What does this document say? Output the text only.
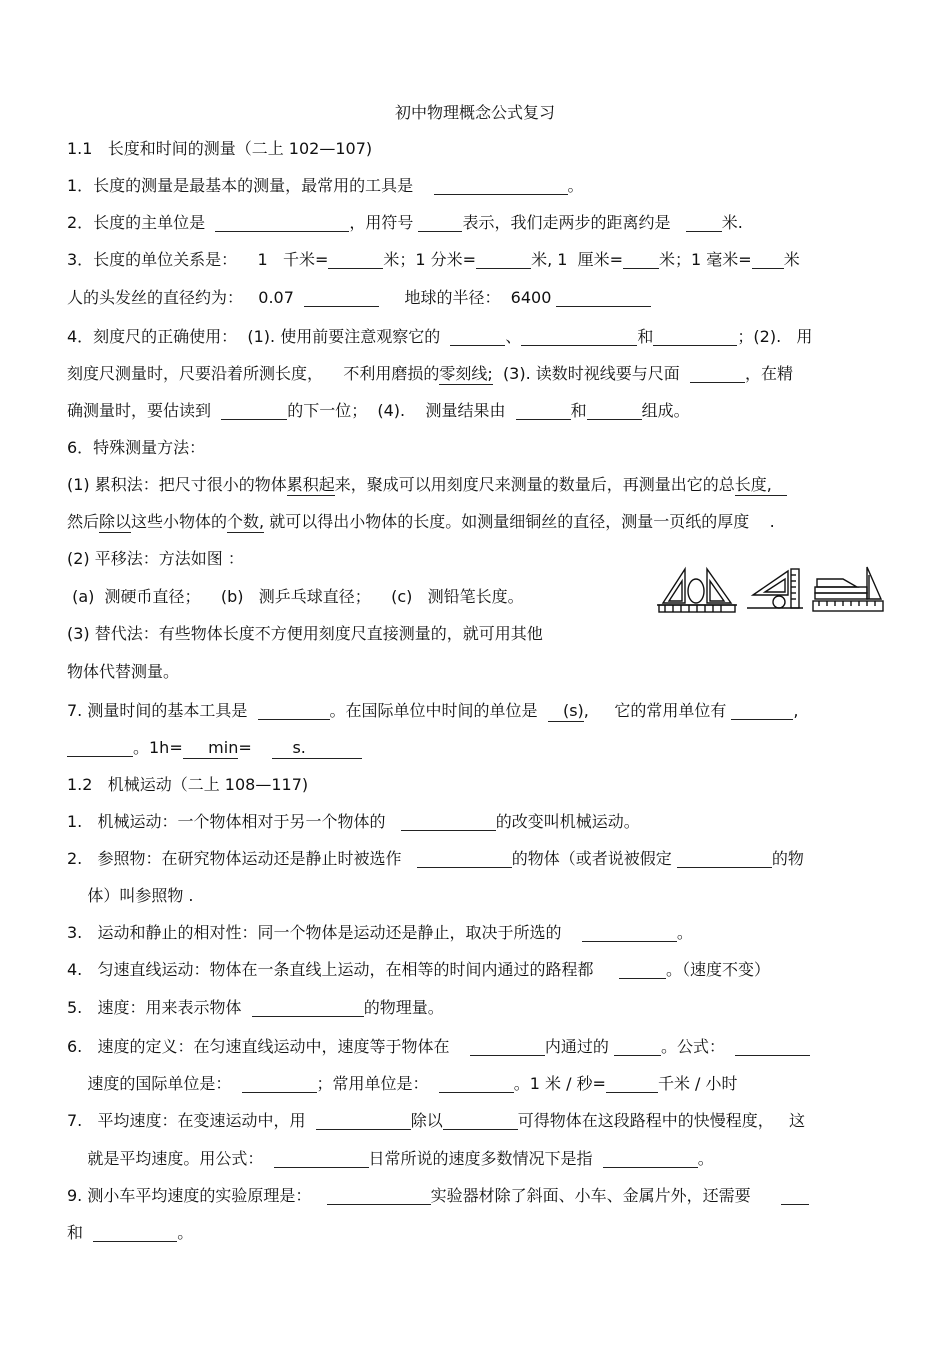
初中物理概念公式复习
1.1   长度和时间的测量（二上 102—107)
1．长度的测量是最基本的测量，最常用的工具是	。
2．长度的主单位是	，用符号	表示，我们走两步的距离约是   米.
3．长度的单位关系是：    1   千米=	米；1 分米=	米, 1  厘米= 米；1 毫米= 米
人的头发丝的直径约为：   0.07	地球的半径：  6400
4．刻度尺的正确使用：  (1). 使用前要注意观察它的	、	和	；(2).   用
刻度尺测量时，尺要沿着所测长度，    不利用磨损的零刻线;  (3). 读数时视线要与尺面	，在精
确测量时，要估读到	的下一位；  (4).    测量结果由	和	组成。
6．特殊测量方法：
(1) 累积法：把尺寸很小的物体累积起来，聚成可以用刻度尺来测量的数量后，再测量出它的总长度,
然后除以这些小物体的个数, 就可以得出小物体的长度。如测量细铜丝的直径，测量一页纸的厚度    .
(2) 平移法：方法如图 ：
(a)  测硬币直径；    (b)   测乒乓球直径；    (c)   测铅笔长度。
(3) 替代法：有些物体长度不方便用刻度尺直接测量的，就可用其他
物体代替测量。
7. 测量时间的基本工具是	。在国际单位中时间的单位是     (s),     它的常用单位有	,
。1h=     min=        s.
1.2   机械运动（二上 108—117)
1.   机械运动：一个物体相对于另一个物体的	的改变叫机械运动。
2.   参照物：在研究物体运动还是静止时被选作	的物体（或者说被假定	的物
体）叫参照物 .
3.   运动和静止的相对性：同一个物体是运动还是静止，取决于所选的	。
4.   匀速直线运动：物体在一条直线上运动，在相等的时间内通过的路程都	。（速度不变）
5.   速度：用来表示物体	的物理量。
6.   速度的定义：在匀速直线运动中，速度等于物体在	内通过的	。公式：
速度的国际单位是：	；常用单位是：	。1 米 / 秒=	千米 / 小时
7.   平均速度：在变速运动中，用	除以	可得物体在这段路程中的快慢程度，   这
就是平均速度。用公式：	日常所说的速度多数情况下是指	。
9. 测小车平均速度的实验原理是：	实验器材除了斜面、小车、金属片外，还需要
和	。
